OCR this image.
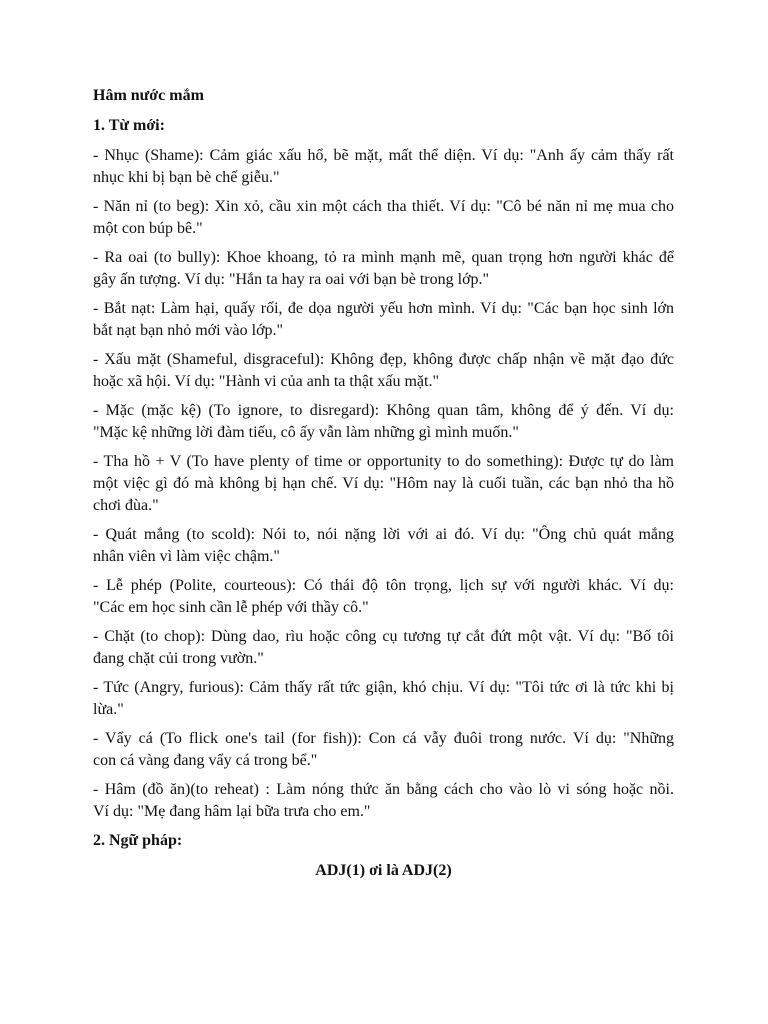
Hâm nước mắm
1. Từ mới:
- Nhục (Shame): Cảm giác xấu hổ, bẽ mặt, mất thể diện. Ví dụ: "Anh ấy cảm thấy rất
nhục khi bị bạn bè chế giễu."
- Năn nỉ (to beg): Xin xỏ, cầu xin một cách tha thiết. Ví dụ: "Cô bé năn nỉ mẹ mua cho
một con búp bê."
- Ra oai (to bully): Khoe khoang, tỏ ra mình mạnh mẽ, quan trọng hơn người khác để
gây ấn tượng. Ví dụ: "Hắn ta hay ra oai với bạn bè trong lớp."
- Bắt nạt: Làm hại, quấy rối, đe dọa người yếu hơn mình. Ví dụ: "Các bạn học sinh lớn
bắt nạt bạn nhỏ mới vào lớp."
- Xấu mặt (Shameful, disgraceful): Không đẹp, không được chấp nhận về mặt đạo đức
hoặc xã hội. Ví dụ: "Hành vi của anh ta thật xấu mặt."
- Mặc (mặc kệ) (To ignore, to disregard): Không quan tâm, không để ý đến. Ví dụ:
"Mặc kệ những lời đàm tiếu, cô ấy vẫn làm những gì mình muốn."
- Tha hồ + V (To have plenty of time or opportunity to do something): Được tự do làm
một việc gì đó mà không bị hạn chế. Ví dụ: "Hôm nay là cuối tuần, các bạn nhỏ tha hồ
chơi đùa."
- Quát mắng (to scold): Nói to, nói nặng lời với ai đó. Ví dụ: "Ông chủ quát mắng
nhân viên vì làm việc chậm."
- Lễ phép (Polite, courteous): Có thái độ tôn trọng, lịch sự với người khác. Ví dụ:
"Các em học sinh cần lễ phép với thầy cô."
- Chặt (to chop): Dùng dao, rìu hoặc công cụ tương tự cắt đứt một vật. Ví dụ: "Bố tôi
đang chặt củi trong vườn."
- Tức (Angry, furious): Cảm thấy rất tức giận, khó chịu. Ví dụ: "Tôi tức ơi là tức khi bị
lừa."
- Vẩy cá (To flick one's tail (for fish)): Con cá vẫy đuôi trong nước. Ví dụ: "Những
con cá vàng đang vẩy cá trong bể."
- Hâm (đồ ăn)(to reheat) : Làm nóng thức ăn bằng cách cho vào lò vi sóng hoặc nồi.
Ví dụ: "Mẹ đang hâm lại bữa trưa cho em."
2. Ngữ pháp:
ADJ(1) ơi là ADJ(2)
